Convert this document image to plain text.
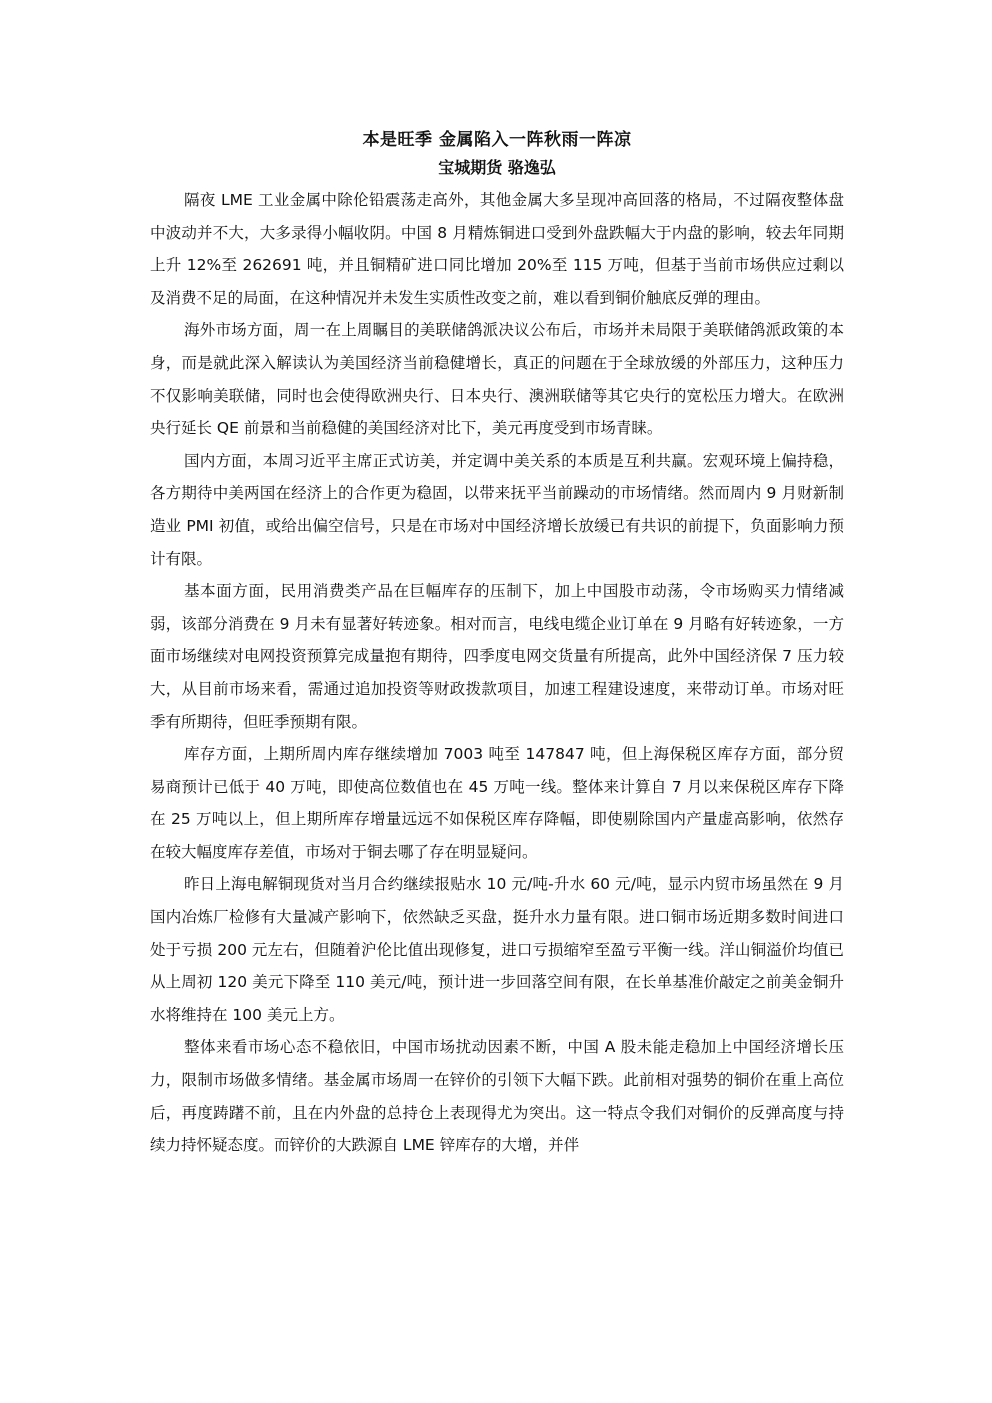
本是旺季 金属陷入一阵秋雨一阵凉
宝城期货 骆逸弘

隔夜 LME 工业金属中除伦铅震荡走高外，其他金属大多呈现冲高回落的格局，不过隔夜整体盘中波动并不大，大多录得小幅收阴。中国 8 月精炼铜进口受到外盘跌幅大于内盘的影响，较去年同期上升 12%至 262691 吨，并且铜精矿进口同比增加 20%至 115 万吨，但基于当前市场供应过剩以及消费不足的局面，在这种情况并未发生实质性改变之前，难以看到铜价触底反弹的理由。

海外市场方面，周一在上周瞩目的美联储鸽派决议公布后，市场并未局限于美联储鸽派政策的本身，而是就此深入解读认为美国经济当前稳健增长，真正的问题在于全球放缓的外部压力，这种压力不仅影响美联储，同时也会使得欧洲央行、日本央行、澳洲联储等其它央行的宽松压力增大。在欧洲央行延长 QE 前景和当前稳健的美国经济对比下，美元再度受到市场青睐。

国内方面，本周习近平主席正式访美，并定调中美关系的本质是互利共赢。宏观环境上偏持稳，各方期待中美两国在经济上的合作更为稳固，以带来抚平当前躁动的市场情绪。然而周内 9 月财新制造业 PMI 初值，或给出偏空信号，只是在市场对中国经济增长放缓已有共识的前提下，负面影响力预计有限。

基本面方面，民用消费类产品在巨幅库存的压制下，加上中国股市动荡，令市场购买力情绪减弱，该部分消费在 9 月未有显著好转迹象。相对而言，电线电缆企业订单在 9 月略有好转迹象，一方面市场继续对电网投资预算完成量抱有期待，四季度电网交货量有所提高，此外中国经济保 7 压力较大，从目前市场来看，需通过追加投资等财政拨款项目，加速工程建设速度，来带动订单。市场对旺季有所期待，但旺季预期有限。

库存方面，上期所周内库存继续增加 7003 吨至 147847 吨，但上海保税区库存方面，部分贸易商预计已低于 40 万吨，即使高位数值也在 45 万吨一线。整体来计算自 7 月以来保税区库存下降在 25 万吨以上，但上期所库存增量远远不如保税区库存降幅，即使剔除国内产量虚高影响，依然存在较大幅度库存差值，市场对于铜去哪了存在明显疑问。

昨日上海电解铜现货对当月合约继续报贴水 10 元/吨-升水 60 元/吨，显示内贸市场虽然在 9 月国内冶炼厂检修有大量减产影响下，依然缺乏买盘，挺升水力量有限。进口铜市场近期多数时间进口处于亏损 200 元左右，但随着沪伦比值出现修复，进口亏损缩窄至盈亏平衡一线。洋山铜溢价均值已从上周初 120 美元下降至 110 美元/吨，预计进一步回落空间有限，在长单基准价敲定之前美金铜升水将维持在 100 美元上方。

整体来看市场心态不稳依旧，中国市场扰动因素不断，中国 A 股未能走稳加上中国经济增长压力，限制市场做多情绪。基金属市场周一在锌价的引领下大幅下跌。此前相对强势的铜价在重上高位后，再度踌躇不前，且在内外盘的总持仓上表现得尤为突出。这一特点令我们对铜价的反弹高度与持续力持怀疑态度。而锌价的大跌源自 LME 锌库存的大增，并伴
